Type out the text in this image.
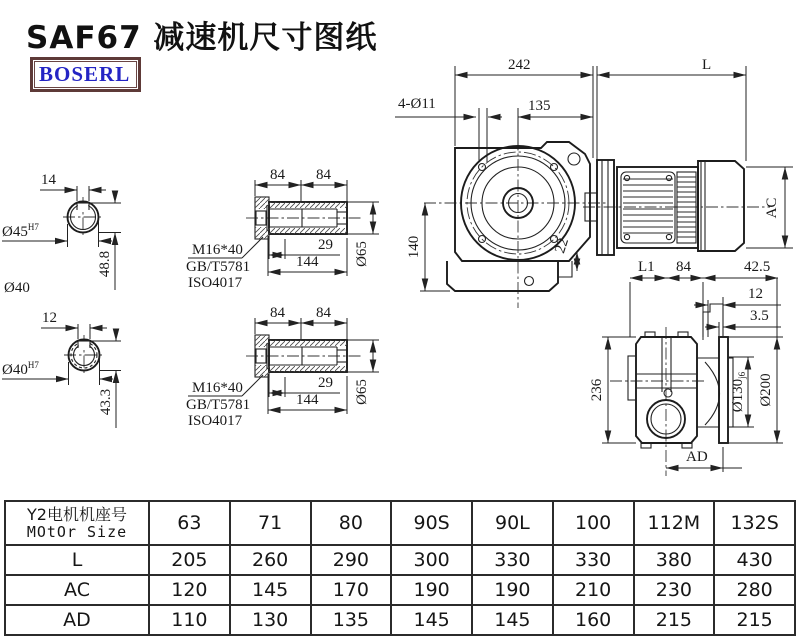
242	L
4-Ø11	135
140	22
AC
14
$Ø45^{H7}$
48.8
Ø40
12
$Ø40^{H7}$
43.3
84 84
29
144 Ø65
M16*40
GB/T5781
ISO4017
84 84
29
144 Ø65
M16*40
GB/T5781
ISO4017
L1 84	42.5
12
3.5
236	$Ø130_{j6}$ Ø200
AD
SAF67 减速机尺寸图纸
BOSERL
Y2电机机座号
MOtOr Size	63	71	80	90S	90L	100	112M	132S
L	205	260	290	300	330	330	380	430
AC	120	145	170	190	190	210	230	280
AD	110	130	135	145	145	160	215	215
